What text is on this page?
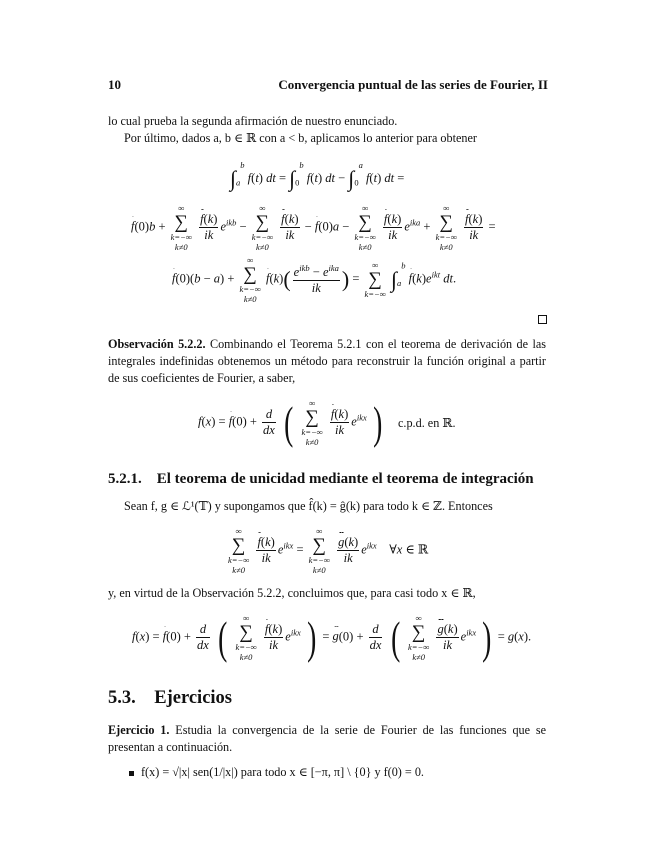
10	Convergencia puntual de las series de Fourier, II
lo cual prueba la segunda afirmación de nuestro enunciado.
Por último, dados a, b ∈ ℝ con a < b, aplicamos lo anterior para obtener
$\int_a^b$ f(t) dt = $\int_0^b$ f(t) dt − $\int_0^a$ f(t) dt =
f(0)b +
∞
∑
k=−∞
k≠0

$\frac{f(k)}{ik} e^{ikb}$ −
∞
∑
k=−∞
k≠0

$\frac{f(k)}{ik} - f(0)a$ −
∞
∑
k=−∞
k≠0

$\frac{f(k)}{ik} e^{ika}$ +
∞
∑
k=−∞
k≠0

$\frac{f(k)}{ik}$ =
f(0)(b − a) +
∞
∑
k=−∞
k≠0
$f(k)( \frac{e^{ikb} - e^{ika}}{ik}$ ) =
∞
∑
k=−∞
$\int_a^b$ $f(k)e^{ikt}$ dt.
Observación 5.2.2. Combinando el Teorema 5.2.1 con el teorema de derivación de las integrales indefinidas obtenemos un método para reconstruir la función original a partir de sus coeficientes de Fourier, a saber,
$f(x) = f(0) + \frac{d}{dx}$ (	∞
∑
k=−∞
k≠0

$\frac{f(k)}{ik} e^{ikx}$ ) c.p.d. en ℝ.
5.2.1. El teorema de unicidad mediante el teorema de integración
Sean f, g ∈ ℒ¹(𝕋) y supongamos que f̂(k) = ĝ(k) para todo k ∈ ℤ. Entonces
∞
∑
k=−∞
k≠0

$\frac{f(k)}{ik} e^{ikx}$ =
∞
∑
k=−∞
k≠0

$\frac{g(k)}{ik} e^{ikx}$    ∀x ∈ ℝ
y, en virtud de la Observación 5.2.2, concluimos que, para casi todo x ∈ ℝ,
$f(x) = f(0) + \frac{d}{dx}$ (	∞
∑
k=−∞
k≠0

$\frac{f(k)}{ik} e^{ikx}$ ) = $g(0) + \frac{d}{dx}$ (	∞
∑
k=−∞
k≠0

$\frac{g(k)}{ik} e^{ikx}$ ) = g(x).
5.3. Ejercicios
Ejercicio 1. Estudia la convergencia de la serie de Fourier de las funciones que se presentan a continuación.
f(x) = √|x| sen(1/|x|) para todo x ∈ [−π, π] \ {0} y f(0) = 0.
